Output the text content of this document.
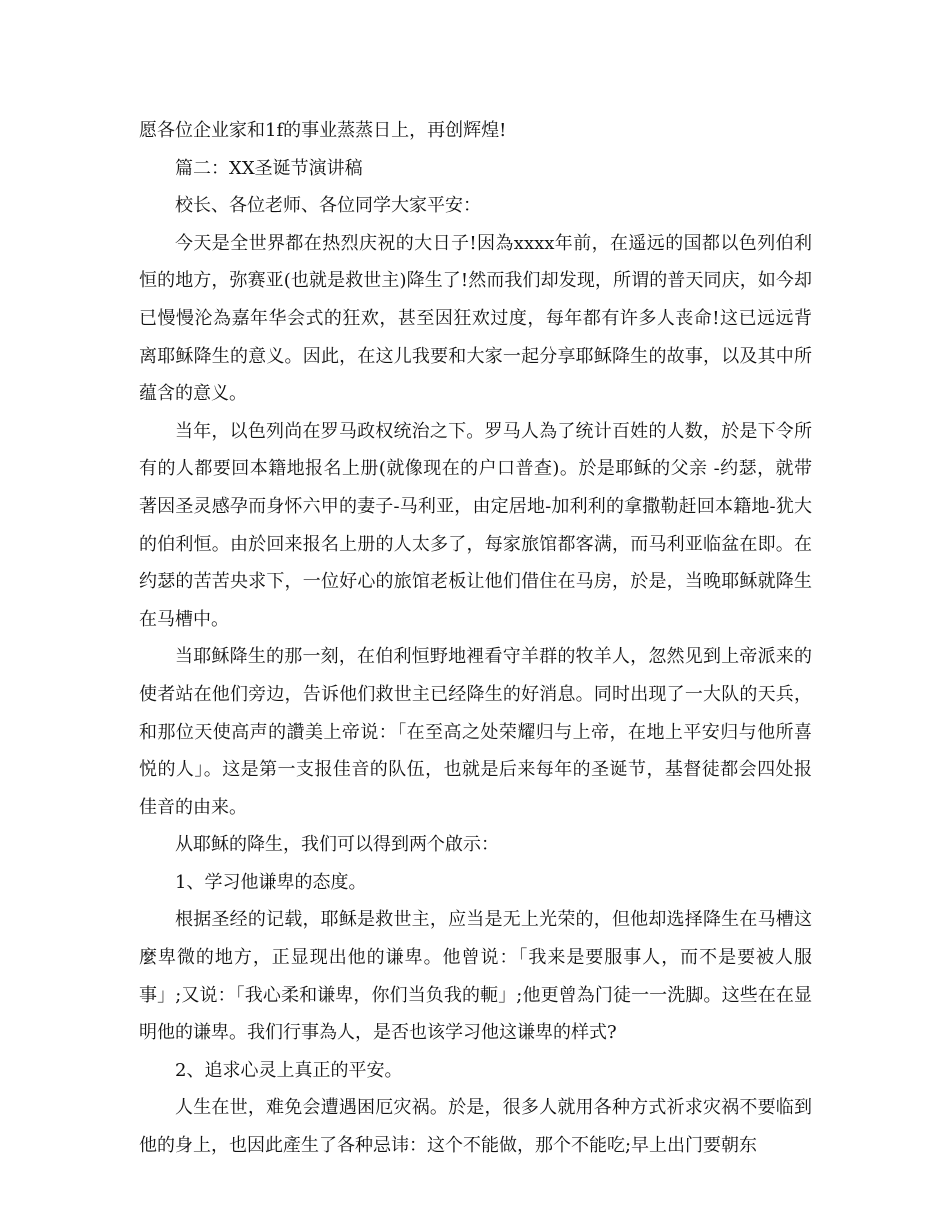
愿各位企业家和1f的事业蒸蒸日上，再创辉煌!

篇二：XX圣诞节演讲稿

校长、各位老师、各位同学大家平安：

今天是全世界都在热烈庆祝的大日子!因為xxxx年前，在遥远的国都以色列伯利恒的地方，弥赛亚(也就是救世主)降生了!然而我们却发现，所谓的普天同庆，如今却已慢慢沦為嘉年华会式的狂欢，甚至因狂欢过度，每年都有许多人丧命!这已远远背离耶稣降生的意义。因此，在这儿我要和大家一起分享耶稣降生的故事，以及其中所蕴含的意义。

当年，以色列尚在罗马政权统治之下。罗马人為了统计百姓的人数，於是下令所有的人都要回本籍地报名上册(就像现在的户口普查)。於是耶稣的父亲 -约瑟，就带著因圣灵感孕而身怀六甲的妻子-马利亚，由定居地-加利利的拿撒勒赶回本籍地-犹大的伯利恒。由於回来报名上册的人太多了，每家旅馆都客满，而马利亚临盆在即。在约瑟的苦苦央求下，一位好心的旅馆老板让他们借住在马房，於是，当晚耶稣就降生在马槽中。

当耶稣降生的那一刻，在伯利恒野地裡看守羊群的牧羊人，忽然见到上帝派来的使者站在他们旁边，告诉他们救世主已经降生的好消息。同时出现了一大队的天兵，和那位天使高声的讚美上帝说：「在至高之处荣耀归与上帝，在地上平安归与他所喜悦的人」。这是第一支报佳音的队伍，也就是后来每年的圣诞节，基督徒都会四处报佳音的由来。

从耶稣的降生，我们可以得到两个啟示：

1、学习他谦卑的态度。

根据圣经的记载，耶稣是救世主，应当是无上光荣的，但他却选择降生在马槽这麼卑微的地方，正显现出他的谦卑。他曾说：「我来是要服事人，而不是要被人服事」;又说：「我心柔和谦卑，你们当负我的軛」;他更曾為门徒一一洗脚。这些在在显明他的谦卑。我们行事為人，是否也该学习他这谦卑的样式?

2、追求心灵上真正的平安。

人生在世，难免会遭遇困厄灾祸。於是，很多人就用各种方式祈求灾祸不要临到他的身上，也因此產生了各种忌讳：这个不能做，那个不能吃;早上出门要朝东
